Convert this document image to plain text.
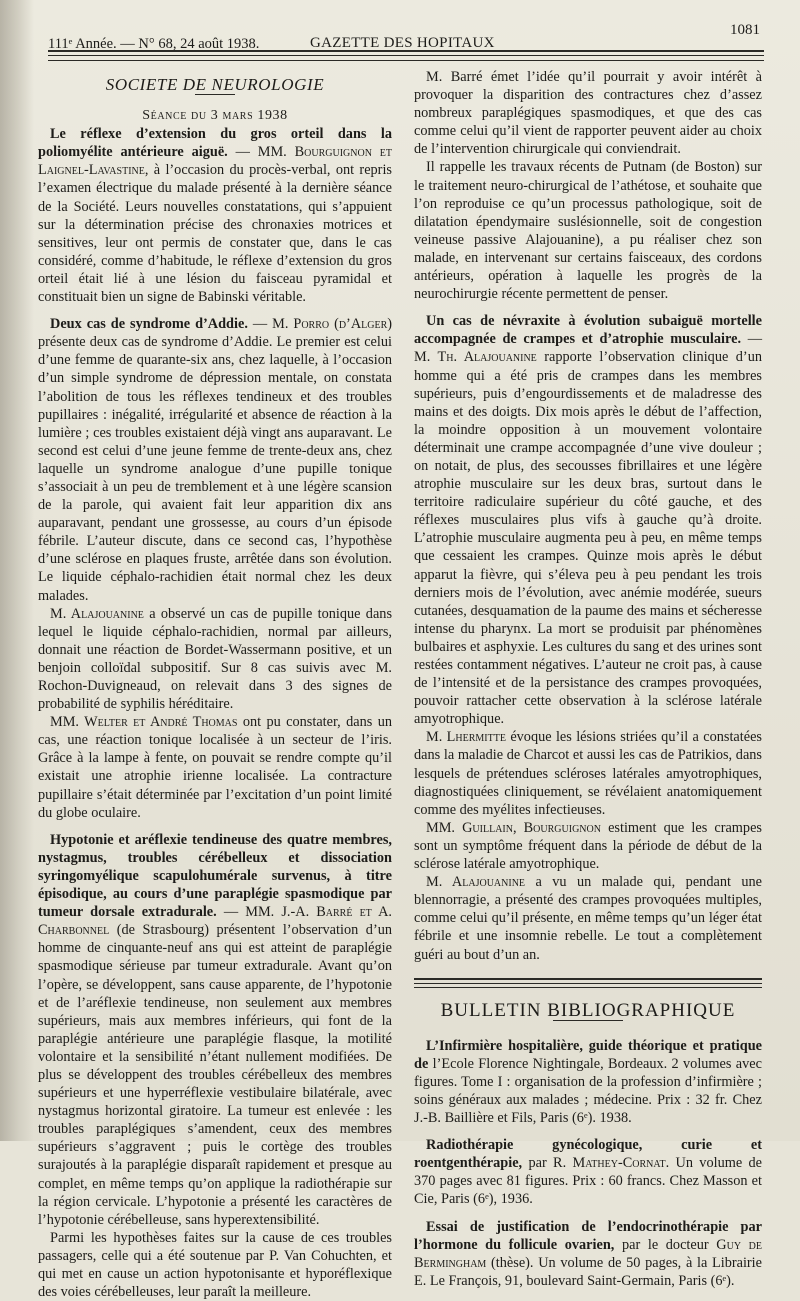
111ᵉ Année. — N° 68, 24 août 1938.	GAZETTE DES HOPITAUX
1081

SOCIETE DE NEUROLOGIE

Séance du 3 mars 1938

Le réflexe d’extension du gros orteil dans la poliomyélite antérieure aiguë. — MM. Bourguignon et Laignel-Lavastine, à l’occasion du procès-verbal, ont repris l’examen électrique du malade présenté à la dernière séance de la Société. Leurs nouvelles constatations, qui s’appuient sur la détermination précise des chronaxies motrices et sensitives, leur ont permis de constater que, dans le cas considéré, comme d’habitude, le réflexe d’extension du gros orteil était lié à une lésion du faisceau pyramidal et constituait bien un signe de Babinski véritable.

Deux cas de syndrome d’Addie. — M. Porro (d’Alger) présente deux cas de syndrome d’Addie. Le premier est celui d’une femme de quarante-six ans, chez laquelle, à l’occasion d’un simple syndrome de dépression mentale, on constata l’abolition de tous les réflexes tendineux et des troubles pupillaires : inégalité, irrégularité et absence de réaction à la lumière ; ces troubles existaient déjà vingt ans auparavant. Le second est celui d’une jeune femme de trente-deux ans, chez laquelle un syndrome analogue d’une pupille tonique s’associait à un peu de tremblement et à une légère scansion de la parole, qui avaient fait leur apparition dix ans auparavant, pendant une grossesse, au cours d’un épisode fébrile. L’auteur discute, dans ce second cas, l’hypothèse d’une sclérose en plaques fruste, arrêtée dans son évolution. Le liquide céphalo-rachidien était normal chez les deux malades.

M. Alajouanine a observé un cas de pupille tonique dans lequel le liquide céphalo-rachidien, normal par ailleurs, donnait une réaction de Bordet-Wassermann positive, et un benjoin colloïdal subpositif. Sur 8 cas suivis avec M. Rochon-Duvigneaud, on relevait dans 3 des signes de probabilité de syphilis héréditaire.

MM. Welter et André Thomas ont pu constater, dans un cas, une réaction tonique localisée à un secteur de l’iris. Grâce à la lampe à fente, on pouvait se rendre compte qu’il existait une atrophie irienne localisée. La contracture pupillaire s’était déterminée par l’excitation d’un point limité du globe oculaire.

Hypotonie et aréflexie tendineuse des quatre membres, nystagmus, troubles cérébelleux et dissociation syringomyélique scapulohumérale survenus, à titre épisodique, au cours d’une paraplégie spasmodique par tumeur dorsale extradurale. — MM. J.-A. Barré et A. Charbonnel (de Strasbourg) présentent l’observation d’un homme de cinquante-neuf ans qui est atteint de paraplégie spasmodique sérieuse par tumeur extradurale. Avant qu’on l’opère, se développent, sans cause apparente, de l’hypotonie et de l’aréflexie tendineuse, non seulement aux membres supérieurs, mais aux membres inférieurs, qui font de la paraplégie antérieure une paraplégie flasque, la motilité volontaire et la sensibilité n’étant nullement modifiées. De plus se développent des troubles cérébelleux des membres supérieurs et une hyperréflexie vestibulaire bilatérale, avec nystagmus horizontal giratoire. La tumeur est enlevée : les troubles paraplégiques s’amendent, ceux des membres supérieurs s’aggravent ; puis le cortège des troubles surajoutés à la paraplégie disparaît rapidement et presque au complet, en même temps qu’on applique la radiothérapie sur la région cervicale. L’hypotonie a présenté les caractères de l’hypotonie cérébelleuse, sans hyperextensibilité.

Parmi les hypothèses faites sur la cause de ces troubles passagers, celle qui a été soutenue par P. Van Cohuchten, et qui met en cause un action hypotonisante et hyporéflexique des voies cérébelleuses, leur paraît la meilleure.

M. Barré émet l’idée qu’il pourrait y avoir intérêt à provoquer la disparition des contractures chez d’assez nombreux paraplégiques spasmodiques, et que des cas comme celui qu’il vient de rapporter peuvent aider au choix de l’intervention chirurgicale qui conviendrait.

Il rappelle les travaux récents de Putnam (de Boston) sur le traitement neuro-chirurgical de l’athétose, et souhaite que l’on reproduise ce qu’un processus pathologique, soit de dilatation épendymaire suslésionnelle, soit de congestion veineuse passive Alajouanine), a pu réaliser chez son malade, en intervenant sur certains faisceaux, des cordons antérieurs, opération à laquelle les progrès de la neurochirurgie récente permettent de penser.

Un cas de névraxite à évolution subaiguë mortelle accompagnée de crampes et d’atrophie musculaire. — M. Th. Alajouanine rapporte l’observation clinique d’un homme qui a été pris de crampes dans les membres supérieurs, puis d’engourdissements et de maladresse des mains et des doigts. Dix mois après le début de l’affection, la moindre opposition à un mouvement volontaire déterminait une crampe accompagnée d’une vive douleur ; on notait, de plus, des secousses fibrillaires et une légère atrophie musculaire sur les deux bras, surtout dans le territoire radiculaire supérieur du côté gauche, et des réflexes musculaires plus vifs à gauche qu’à droite. L’atrophie musculaire augmenta peu à peu, en même temps que cessaient les crampes. Quinze mois après le début apparut la fièvre, qui s’éleva peu à peu pendant les trois derniers mois de l’évolution, avec anémie modérée, sueurs cutanées, desquamation de la paume des mains et sécheresse intense du pharynx. La mort se produisit par phénomènes bulbaires et asphyxie. Les cultures du sang et des urines sont restées contamment négatives. L’auteur ne croit pas, à cause de l’intensité et de la persistance des crampes provoquées, pouvoir rattacher cette observation à la sclérose latérale amyotrophique.

M. Lhermitte évoque les lésions striées qu’il a constatées dans la maladie de Charcot et aussi les cas de Patrikios, dans lesquels de prétendues scléroses latérales amyotrophiques, diagnostiquées cliniquement, se révélaient anatomiquement comme des myélites infectieuses.

MM. Guillain, Bourguignon estiment que les crampes sont un symptôme fréquent dans la période de début de la sclérose latérale amyotrophique.

M. Alajouanine a vu un malade qui, pendant une blennorragie, a présenté des crampes provoquées multiples, comme celui qu’il présente, en même temps qu’un léger état fébrile et une insomnie rebelle. Le tout a complètement guéri au bout d’un an.

BULLETIN BIBLIOGRAPHIQUE

L’Infirmière hospitalière, guide théorique et pratique de l’Ecole Florence Nightingale, Bordeaux. 2 volumes avec figures. Tome I : organisation de la profession d’infirmière ; soins généraux aux malades ; médecine. Prix : 32 fr. Chez J.-B. Baillière et Fils, Paris (6ᵉ). 1938.

Radiothérapie gynécologique, curie et roentgenthérapie, par R. Mathey-Cornat. Un volume de 370 pages avec 81 figures. Prix : 60 francs. Chez Masson et Cie, Paris (6ᵉ), 1936.

Essai de justification de l’endocrinothérapie par l’hormone du follicule ovarien, par le docteur Guy de Bermingham (thèse). Un volume de 50 pages, à la Librairie E. Le François, 91, boulevard Saint-Germain, Paris (6ᵉ).
